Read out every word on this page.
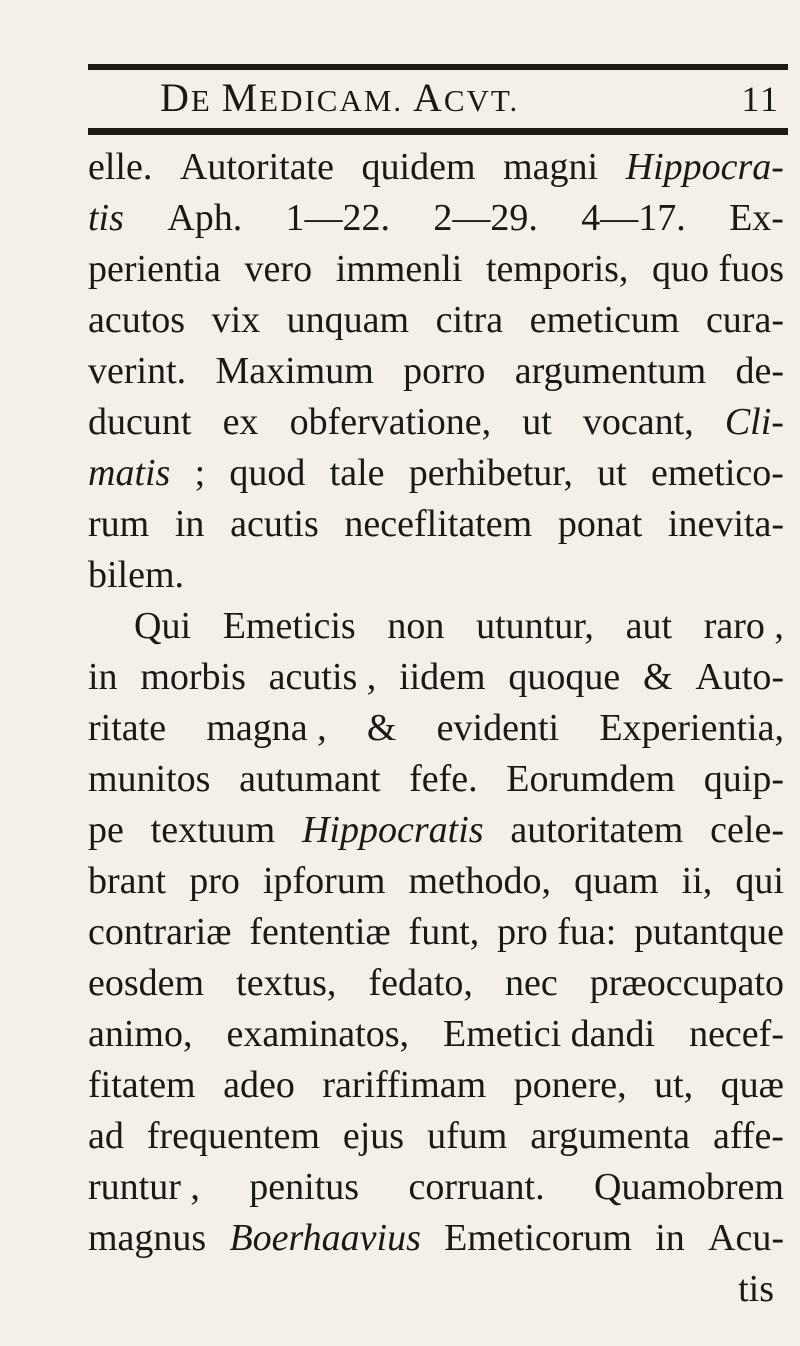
DE MEDICAM. ACVT.	11
elle. Autoritate quidem magni Hippocra-
tis Aph. 1—22. 2—29. 4—17. Ex-
perientia vero immenli temporis, quo fuos
acutos vix unquam citra emeticum cura-
verint. Maximum porro argumentum de-
ducunt ex obfervatione, ut vocant, Cli-
matis ; quod tale perhibetur, ut emetico-
rum in acutis neceflitatem ponat inevita-
bilem.
Qui Emeticis non utuntur, aut raro ,
in morbis acutis , iidem quoque & Auto-
ritate magna , & evidenti Experientia,
munitos autumant fefe. Eorumdem quip-
pe textuum Hippocratis autoritatem cele-
brant pro ipforum methodo, quam ii, qui
contrariæ fententiæ funt, pro fua: putantque
eosdem textus, fedato, nec præoccupato
animo, examinatos, Emetici dandi necef-
fitatem adeo rariffimam ponere, ut, quæ
ad frequentem ejus ufum argumenta affe-
runtur , penitus corruant. Quamobrem
magnus Boerhaavius Emeticorum in Acu-
tis
